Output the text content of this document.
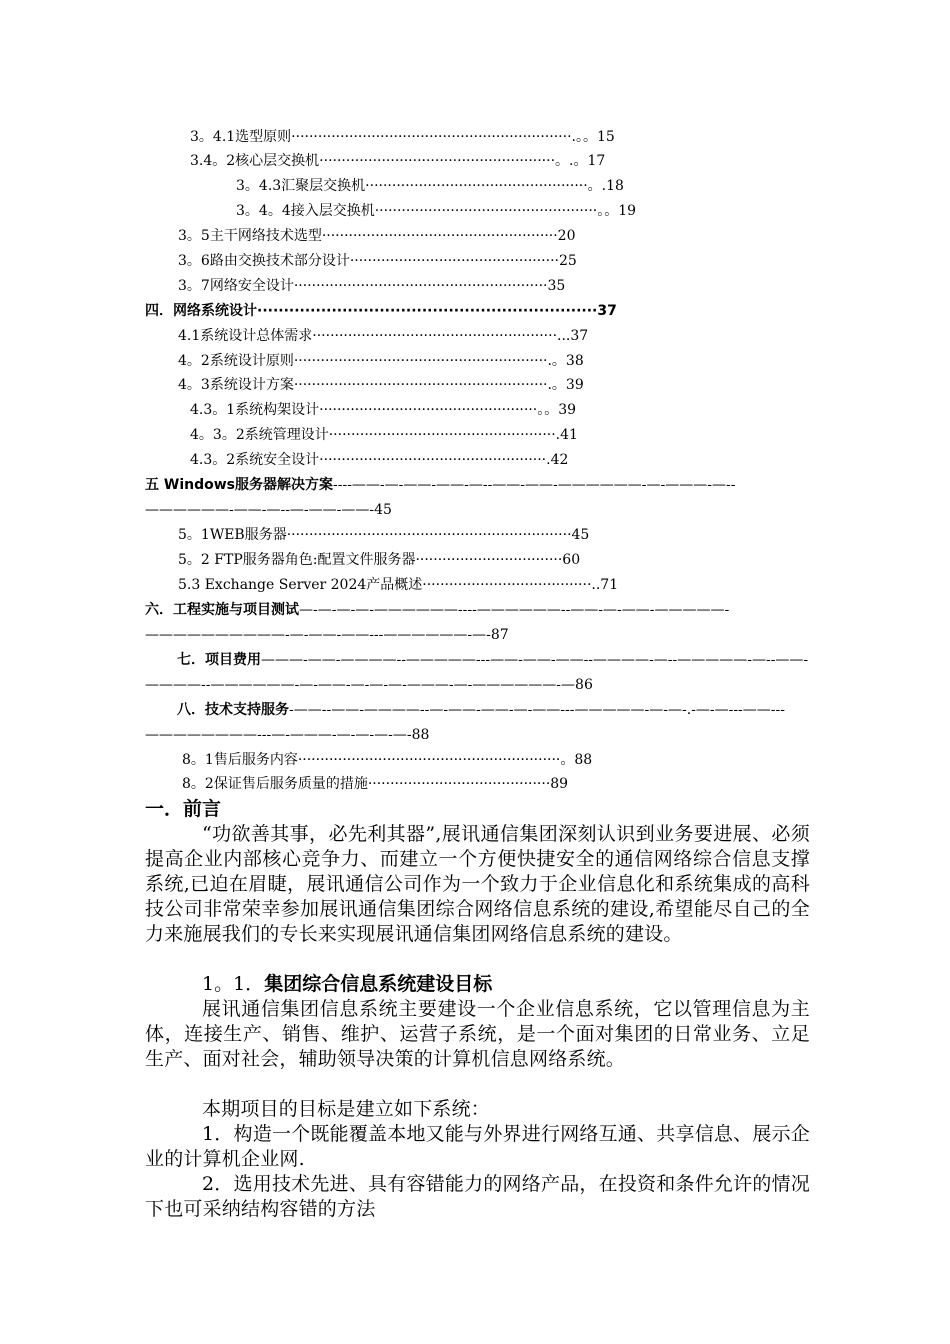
3。4.1选型原则·······························································.。。15
3.4。2核心层交换机·····················································。.。17
3。4.3汇聚层交换机··················································。.18
3。4。4接入层交换机··················································。。19
3。5主干网络技术选型·····················································20
3。6路由交换技术部分设计···············································25
3。7网络安全设计·························································35
四．网络系统设计································································37
4.1系统设计总体需求·······················································...37
4。2系统设计原则·························································.。38
4。3系统设计方案·························································.。39
4.3。1系统构架设计·················································。。39
4。3。2系统管理设计···················································.41
4.3。2系统安全设计···················································.42
五 Windows服务器解决方案----——-—-——-——-—--——-——-——————-—-———-—--——————-——-—--—-——-——-45
5。1WEB服务器································································45
5。2 FTP服务器角色:配置文件服务器·································60
5.3 Exchange Server 2024产品概述······································..71
六．工程实施与项目测试—-—-—-—-——————----——————--——-—-——-—————-——————————-—-——-——---——————-—-87
七．项目费用———-——-————--—————---——-——-——--————-—--—————-—--——-————--——————-—-——-—-—-—-———-—-——————-—86
八．技术支持服务-——--——-————--—-——-——-—-——---—————-—-—-.-—-—---——---————————---—-———-—-—-—-—-88
8。1售后服务内容···························································。88
8。2保证售后服务质量的措施·········································89
一．前言
“功欲善其事，必先利其器”,展讯通信集团深刻认识到业务要进展、必须提高企业内部核心竞争力、而建立一个方便快捷安全的通信网络综合信息支撑系统,已迫在眉睫，展讯通信公司作为一个致力于企业信息化和系统集成的高科技公司非常荣幸参加展讯通信集团综合网络信息系统的建设,希望能尽自己的全力来施展我们的专长来实现展讯通信集团网络信息系统的建设。
1。1．集团综合信息系统建设目标
展讯通信集团信息系统主要建设一个企业信息系统，它以管理信息为主体，连接生产、销售、维护、运营子系统，是一个面对集团的日常业务、立足生产、面对社会，辅助领导决策的计算机信息网络系统。
本期项目的目标是建立如下系统：
1．构造一个既能覆盖本地又能与外界进行网络互通、共享信息、展示企业的计算机企业网.
2．选用技术先进、具有容错能力的网络产品，在投资和条件允许的情况下也可采纳结构容错的方法
